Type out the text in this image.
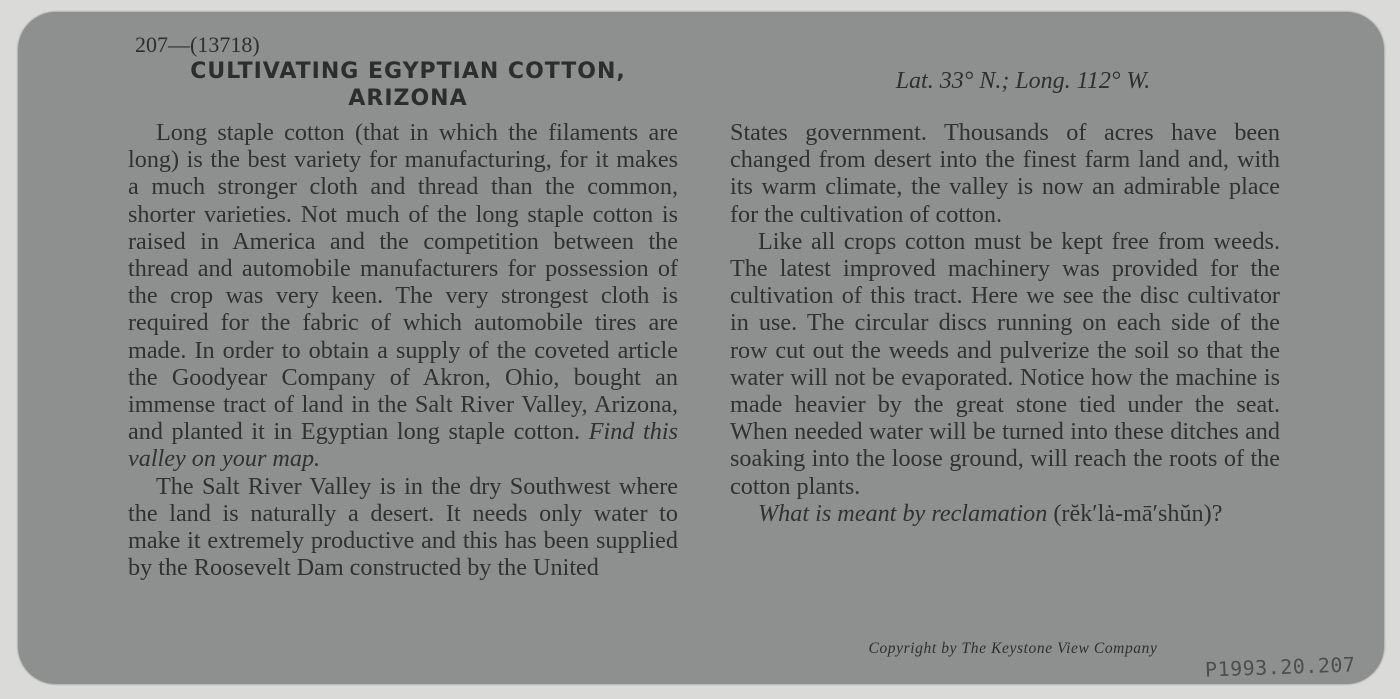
207—(13718)
CULTIVATING EGYPTIAN COTTON,
ARIZONA
Lat. 33° N.; Long. 112° W.

Long staple cotton (that in which the filaments are long) is the best variety for manufacturing, for it makes a much stronger cloth and thread than the common, shorter varieties. Not much of the long staple cotton is raised in America and the competition between the thread and automobile manufacturers for possession of the crop was very keen. The very strongest cloth is required for the fabric of which automobile tires are made. In order to obtain a supply of the coveted article the Goodyear Company of Akron, Ohio, bought an immense tract of land in the Salt River Valley, Arizona, and planted it in Egyptian long staple cotton. Find this valley on your map.

The Salt River Valley is in the dry Southwest where the land is naturally a desert. It needs only water to make it extremely productive and this has been supplied by the Roosevelt Dam constructed by the United

States government. Thousands of acres have been changed from desert into the finest farm land and, with its warm climate, the valley is now an admirable place for the cultivation of cotton.

Like all crops cotton must be kept free from weeds. The latest improved machinery was provided for the cultivation of this tract. Here we see the disc cultivator in use. The circular discs running on each side of the row cut out the weeds and pulverize the soil so that the water will not be evaporated. Notice how the machine is made heavier by the great stone tied under the seat. When needed water will be turned into these ditches and soaking into the loose ground, will reach the roots of the cotton plants.

What is meant by reclamation (rĕk′lȧ-mā′shŭn)?

Copyright by The Keystone View Company
P1993.20.207
